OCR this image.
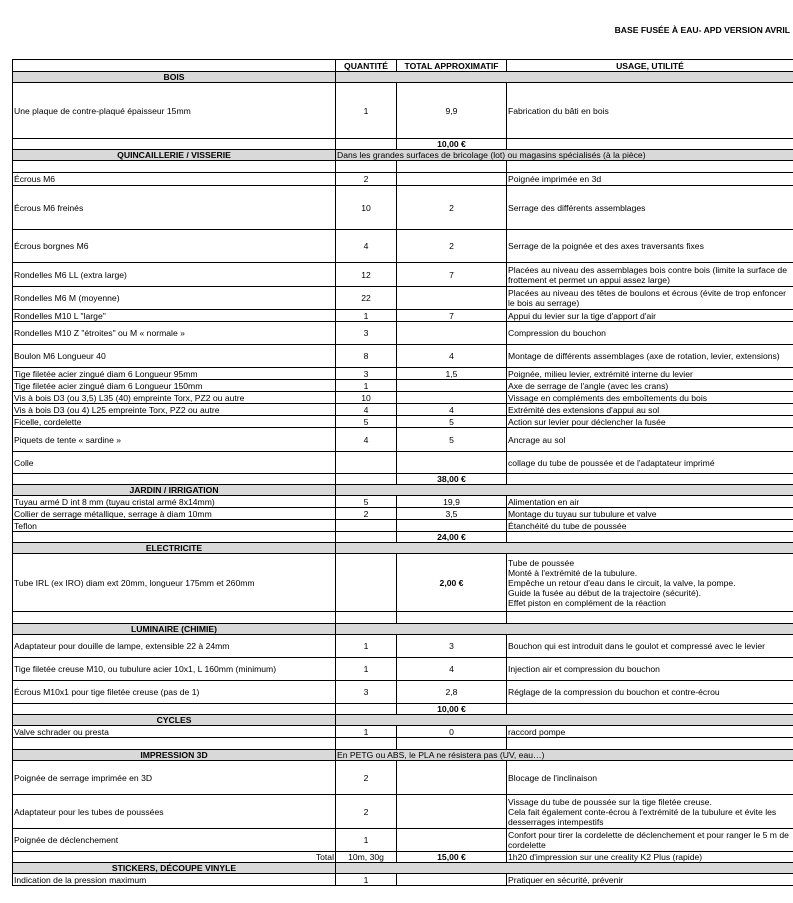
BASE FUSÉE À EAU- APD VERSION AVRIL
	QUANTITÉ	TOTAL APPROXIMATIF	USAGE, UTILITÉ
BOIS			
Une plaque de contre-plaqué épaisseur 15mm	1	9,9	Fabrication du bâti en bois
		10,00 €	
QUINCAILLERIE / VISSERIE	Dans les grandes surfaces de bricolage (lot) ou magasins spécialisés (à la pièce)		

Écrous M6	2		Poignée imprimée en 3d
Écrous M6 freinés	10	2	Serrage des différents assemblages
Écrous borgnes M6	4	2	Serrage de la poignée et des axes traversants fixes
Rondelles M6 LL (extra large)	12	7	Placées au niveau des assemblages bois contre bois (limite la surface de frottement et permet un appui assez large)
Rondelles M6 M (moyenne)	22		Placées au niveau des têtes de boulons et écrous (évite de trop enfoncer le bois au serrage)
Rondelles M10 L "large"	1	7	Appui du levier sur la tige d'apport d'air
Rondelles M10 Z "étroites" ou M « normale »	3		Compression du bouchon
Boulon M6 Longueur 40	8	4	Montage de différents assemblages (axe de rotation, levier, extensions)
Tige filetée acier zingué diam 6 Longueur 95mm	3	1,5	Poignée, milieu levier, extrémité interne du levier
Tige filetée acier zingué diam 6 Longueur 150mm	1		Axe de serrage de l'angle (avec les crans)
Vis à bois D3 (ou 3,5) L35 (40) empreinte Torx, PZ2 ou autre	10		Vissage en compléments des emboîtements du bois
Vis à bois D3 (ou 4) L25 empreinte Torx, PZ2 ou autre	4	4	Extrémité des extensions d'appui au sol
Ficelle, cordelette	5	5	Action sur levier pour déclencher la fusée
Piquets de tente « sardine »	4	5	Ancrage au sol
Colle			collage du tube de poussée et de l'adaptateur imprimé
		38,00 €	
JARDIN / IRRIGATION			
Tuyau armé D int 8 mm (tuyau cristal armé 8x14mm)	5	19,9	Alimentation en air
Collier de serrage métallique, serrage à diam 10mm	2	3,5	Montage du tuyau sur tubulure et valve
Teflon			Étanchéité du tube de poussée
		24,00 €	
ELECTRICITE			
Tube IRL (ex IRO) diam ext 20mm, longueur 175mm et 260mm		2,00 €	Tube de poussée
Monté à l'extrémité de la tubulure.
Empêche un retour d'eau dans le circuit, la valve, la pompe.
Guide la fusée au début de la trajectoire (sécurité).
Effet piston en complément de la réaction

LUMINAIRE (CHIMIE)			
Adaptateur pour douille de lampe, extensible 22 à 24mm	1	3	Bouchon qui est introduit dans le goulot et compressé avec le levier
Tige filetée creuse M10, ou tubulure acier 10x1, L 160mm (minimum)	1	4	Injection air et compression du bouchon
Écrous M10x1 pour tige filetée creuse (pas de 1)	3	2,8	Réglage de la compression du bouchon et contre-écrou
		10,00 €	
CYCLES			
Valve schrader ou presta	1	0	raccord pompe

IMPRESSION 3D	En PETG ou ABS, le PLA ne résistera pas (UV, eau…)		
Poignée de serrage imprimée en 3D	2		Blocage de l'inclinaison
Adaptateur pour les tubes de poussées	2		Vissage du tube de poussée sur la tige filetée creuse.
Cela fait également conte-écrou à l'extrémité de la tubulure et évite les desserrages intempestifs
Poignée de déclenchement	1		Confort pour tirer la cordelette de déclenchement et pour ranger le 5 m de cordelette
Total	10m, 30g	15,00 €	1h20 d'impression sur une creality K2 Plus (rapide)
STICKERS, DÉCOUPE VINYLE			
Indication de la pression maximum	1		Pratiquer en sécurité, prévenir
